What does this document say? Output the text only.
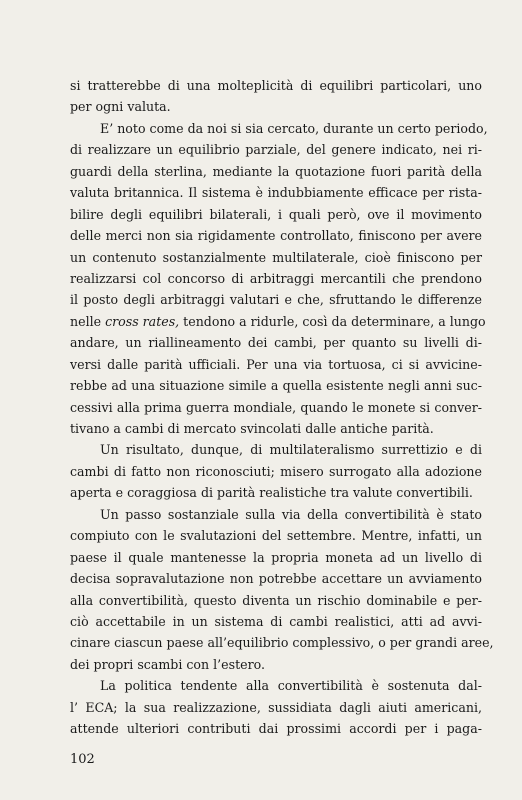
si tratterebbe di una molteplicità di equilibri particolari, uno
per ogni valuta.
E’ noto come da noi si sia cercato, durante un certo periodo,
di realizzare un equilibrio parziale, del genere indicato, nei ri-
guardi della sterlina, mediante la quotazione fuori parità della
valuta britannica. Il sistema è indubbiamente efficace per rista-
bilire degli equilibri bilaterali, i quali però, ove il movimento
delle merci non sia rigidamente controllato, finiscono per avere
un contenuto sostanzialmente multilaterale, cioè finiscono per
realizzarsi col concorso di arbitraggi mercantili che prendono
il posto degli arbitraggi valutari e che, sfruttando le differenze
nelle cross rates, tendono a ridurle, così da determinare, a lungo
andare, un riallineamento dei cambi, per quanto su livelli di-
versi dalle parità ufficiali. Per una via tortuosa, ci si avvicine-
rebbe ad una situazione simile a quella esistente negli anni suc-
cessivi alla prima guerra mondiale, quando le monete si conver-
tivano a cambi di mercato svincolati dalle antiche parità.
Un risultato, dunque, di multilateralismo surrettizio e di
cambi di fatto non riconosciuti; misero surrogato alla adozione
aperta e coraggiosa di parità realistiche tra valute convertibili.
Un passo sostanziale sulla via della convertibilità è stato
compiuto con le svalutazioni del settembre. Mentre, infatti, un
paese il quale mantenesse la propria moneta ad un livello di
decisa sopravalutazione non potrebbe accettare un avviamento
alla convertibilità, questo diventa un rischio dominabile e per-
ciò accettabile in un sistema di cambi realistici, atti ad avvi-
cinare ciascun paese all’equilibrio complessivo, o per grandi aree,
dei propri scambi con l’estero.
La politica tendente alla convertibilità è sostenuta dal-
l’ ECA; la sua realizzazione, sussidiata dagli aiuti americani,
attende ulteriori contributi dai prossimi accordi per i paga-
102
